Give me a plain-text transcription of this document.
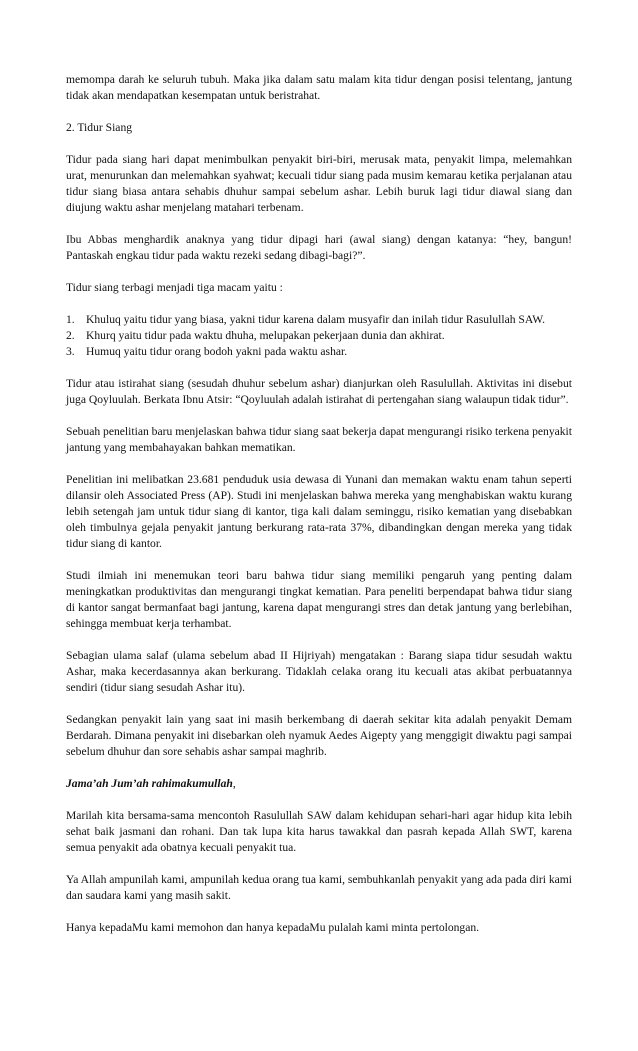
memompa darah ke seluruh tubuh. Maka jika dalam satu malam kita tidur dengan posisi telentang, jantung tidak akan mendapatkan kesempatan untuk beristrahat.

2. Tidur Siang

Tidur pada siang hari dapat menimbulkan penyakit biri-biri, merusak mata, penyakit limpa, melemahkan urat, menurunkan dan melemahkan syahwat; kecuali tidur siang pada musim kemarau ketika perjalanan atau tidur siang biasa antara sehabis dhuhur sampai sebelum ashar. Lebih buruk lagi tidur diawal siang dan diujung waktu ashar menjelang matahari terbenam.

Ibu Abbas menghardik anaknya yang tidur dipagi hari (awal siang) dengan katanya: “hey, bangun! Pantaskah engkau tidur pada waktu rezeki sedang dibagi-bagi?”.

Tidur siang terbagi menjadi tiga macam yaitu :

1. Khuluq yaitu tidur yang biasa, yakni tidur karena dalam musyafir dan inilah tidur Rasulullah SAW.
2. Khurq yaitu tidur pada waktu dhuha, melupakan pekerjaan dunia dan akhirat.
3. Humuq yaitu tidur orang bodoh yakni pada waktu ashar.

Tidur atau istirahat siang (sesudah dhuhur sebelum ashar) dianjurkan oleh Rasulullah. Aktivitas ini disebut juga Qoyluulah. Berkata Ibnu Atsir: “Qoyluulah adalah istirahat di pertengahan siang walaupun tidak tidur”.

Sebuah penelitian baru menjelaskan bahwa tidur siang saat bekerja dapat mengurangi risiko terkena penyakit jantung yang membahayakan bahkan mematikan.

Penelitian ini melibatkan 23.681 penduduk usia dewasa di Yunani dan memakan waktu enam tahun seperti dilansir oleh Associated Press (AP). Studi ini menjelaskan bahwa mereka yang menghabiskan waktu kurang lebih setengah jam untuk tidur siang di kantor, tiga kali dalam seminggu, risiko kematian yang disebabkan oleh timbulnya gejala penyakit jantung berkurang rata-rata 37%, dibandingkan dengan mereka yang tidak tidur siang di kantor.

Studi ilmiah ini menemukan teori baru bahwa tidur siang memiliki pengaruh yang penting dalam meningkatkan produktivitas dan mengurangi tingkat kematian. Para peneliti berpendapat bahwa tidur siang di kantor sangat bermanfaat bagi jantung, karena dapat mengurangi stres dan detak jantung yang berlebihan, sehingga membuat kerja terhambat.

Sebagian ulama salaf (ulama sebelum abad II Hijriyah) mengatakan : Barang siapa tidur sesudah waktu Ashar, maka kecerdasannya akan berkurang. Tidaklah celaka orang itu kecuali atas akibat perbuatannya sendiri (tidur siang sesudah Ashar itu).

Sedangkan penyakit lain yang saat ini masih berkembang di daerah sekitar kita adalah penyakit Demam Berdarah. Dimana penyakit ini disebarkan oleh nyamuk Aedes Aigepty yang menggigit diwaktu pagi sampai sebelum dhuhur dan sore sehabis ashar sampai maghrib.

Jama’ah Jum’ah rahimakumullah,

Marilah kita bersama-sama mencontoh Rasulullah SAW dalam kehidupan sehari-hari agar hidup kita lebih sehat baik jasmani dan rohani. Dan tak lupa kita harus tawakkal dan pasrah kepada Allah SWT, karena semua penyakit ada obatnya kecuali penyakit tua.

Ya Allah ampunilah kami, ampunilah kedua orang tua kami, sembuhkanlah penyakit yang ada pada diri kami dan saudara kami yang masih sakit.

Hanya kepadaMu kami memohon dan hanya kepadaMu pulalah kami minta pertolongan.
